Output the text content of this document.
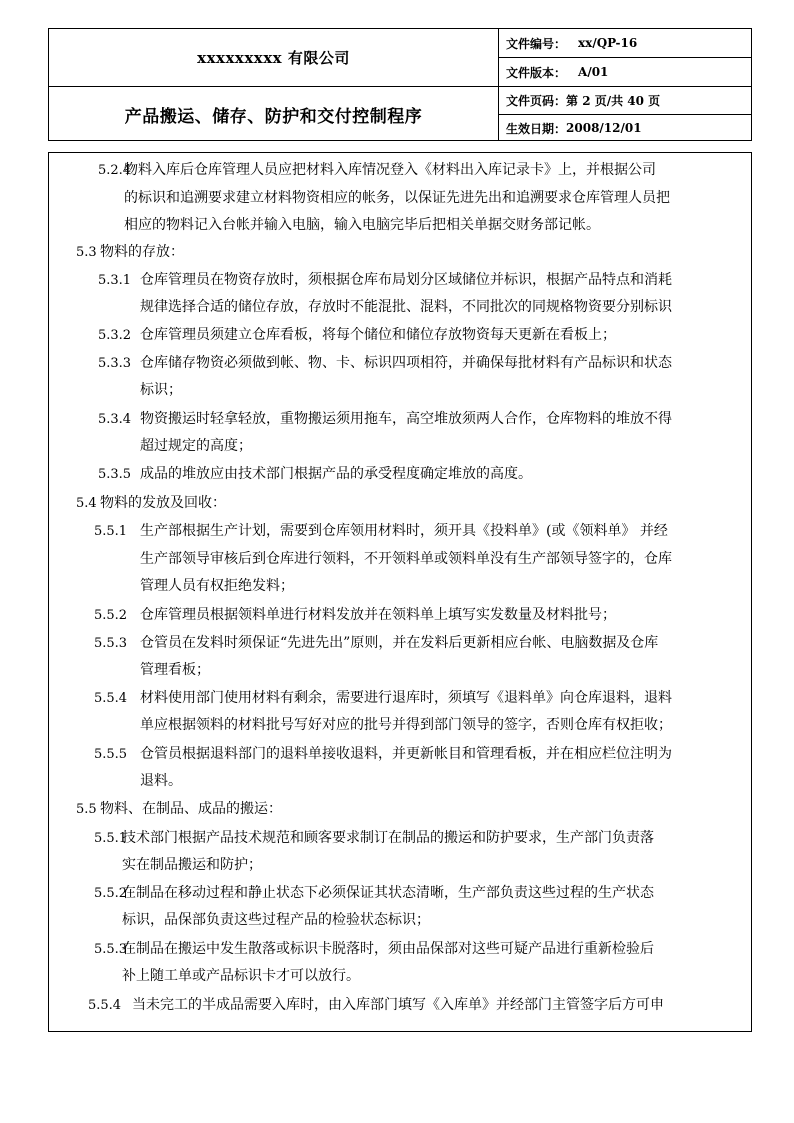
xxxxxxxxx 有限公司
产品搬运、储存、防护和交付控制程序
文件编号： xx/QP-16
文件版本： A/01
文件页码： 第 2 页/共 40 页
生效日期： 2008/12/01
5.2.4
物料入库后仓库管理人员应把材料入库情况登入《材料出入库记录卡》上，并根据公司
的标识和追溯要求建立材料物资相应的帐务，以保证先进先出和追溯要求仓库管理人员把
相应的物料记入台帐并输入电脑，输入电脑完毕后把相关单据交财务部记帐。
5.3 物料的存放：
5.3.1 仓库管理员在物资存放时，须根据仓库布局划分区域储位并标识，根据产品特点和消耗
规律选择合适的储位存放，存放时不能混批、混料，不同批次的同规格物资要分别标识
5.3.2 仓库管理员须建立仓库看板，将每个储位和储位存放物资每天更新在看板上；
5.3.3 仓库储存物资必须做到帐、物、卡、标识四项相符，并确保每批材料有产品标识和状态
标识；
5.3.4 物资搬运时轻拿轻放，重物搬运须用拖车，高空堆放须两人合作，仓库物料的堆放不得
超过规定的高度；
5.3.5 成品的堆放应由技术部门根据产品的承受程度确定堆放的高度。
5.4 物料的发放及回收：
5.5.1 生产部根据生产计划，需要到仓库领用材料时，须开具《投料单》(或《领料单》 并经
生产部领导审核后到仓库进行领料，不开领料单或领料单没有生产部领导签字的，仓库
管理人员有权拒绝发料；
5.5.2 仓库管理员根据领料单进行材料发放并在领料单上填写实发数量及材料批号；
5.5.3 仓管员在发料时须保证“先进先出”原则，并在发料后更新相应台帐、电脑数据及仓库
管理看板；
5.5.4 材料使用部门使用材料有剩余，需要进行退库时，须填写《退料单》向仓库退料，退料
单应根据领料的材料批号写好对应的批号并得到部门领导的签字，否则仓库有权拒收；
5.5.5 仓管员根据退料部门的退料单接收退料，并更新帐目和管理看板，并在相应栏位注明为
退料。
5.5 物料、在制品、成品的搬运：
5.5.1
技术部门根据产品技术规范和顾客要求制订在制品的搬运和防护要求，生产部门负责落
实在制品搬运和防护；
5.5.2
在制品在移动过程和静止状态下必须保证其状态清晰，生产部负责这些过程的生产状态
标识，品保部负责这些过程产品的检验状态标识；
5.5.3
在制品在搬运中发生散落或标识卡脱落时，须由品保部对这些可疑产品进行重新检验后
补上随工单或产品标识卡才可以放行。
5.5.4 当未完工的半成品需要入库时，由入库部门填写《入库单》并经部门主管签字后方可申
